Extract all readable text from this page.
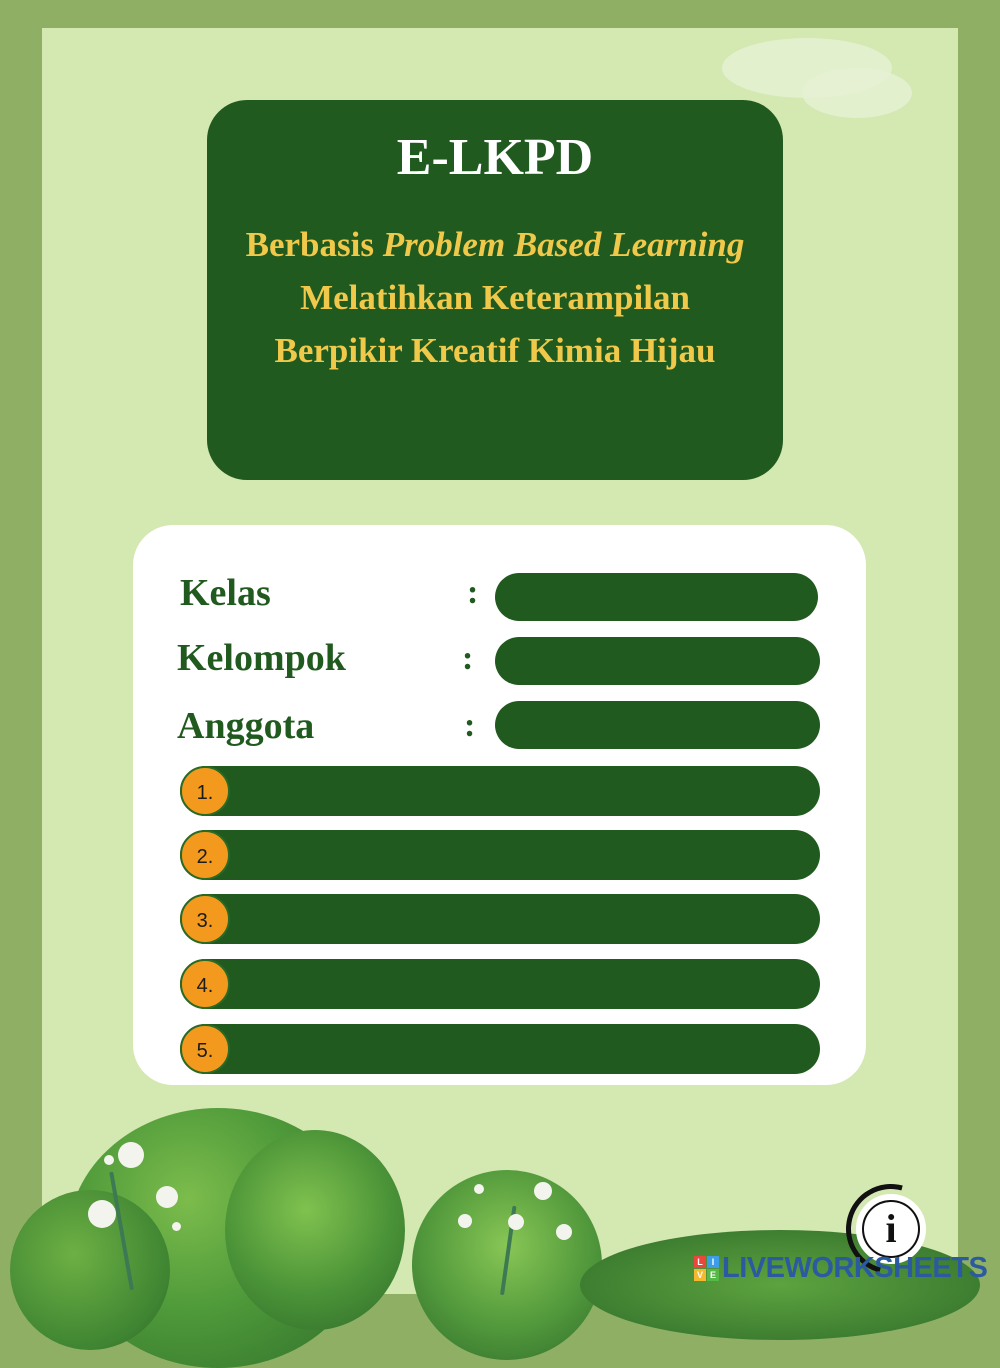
E-LKPD
Berbasis Problem Based Learning Melatihkan Keterampilan Berpikir Kreatif Kimia Hijau
Kelas	:
Kelompok	:
Anggota	:
1.
2.
3.
4.
5.
i
L I
V E LIVEWORKSHEETS
